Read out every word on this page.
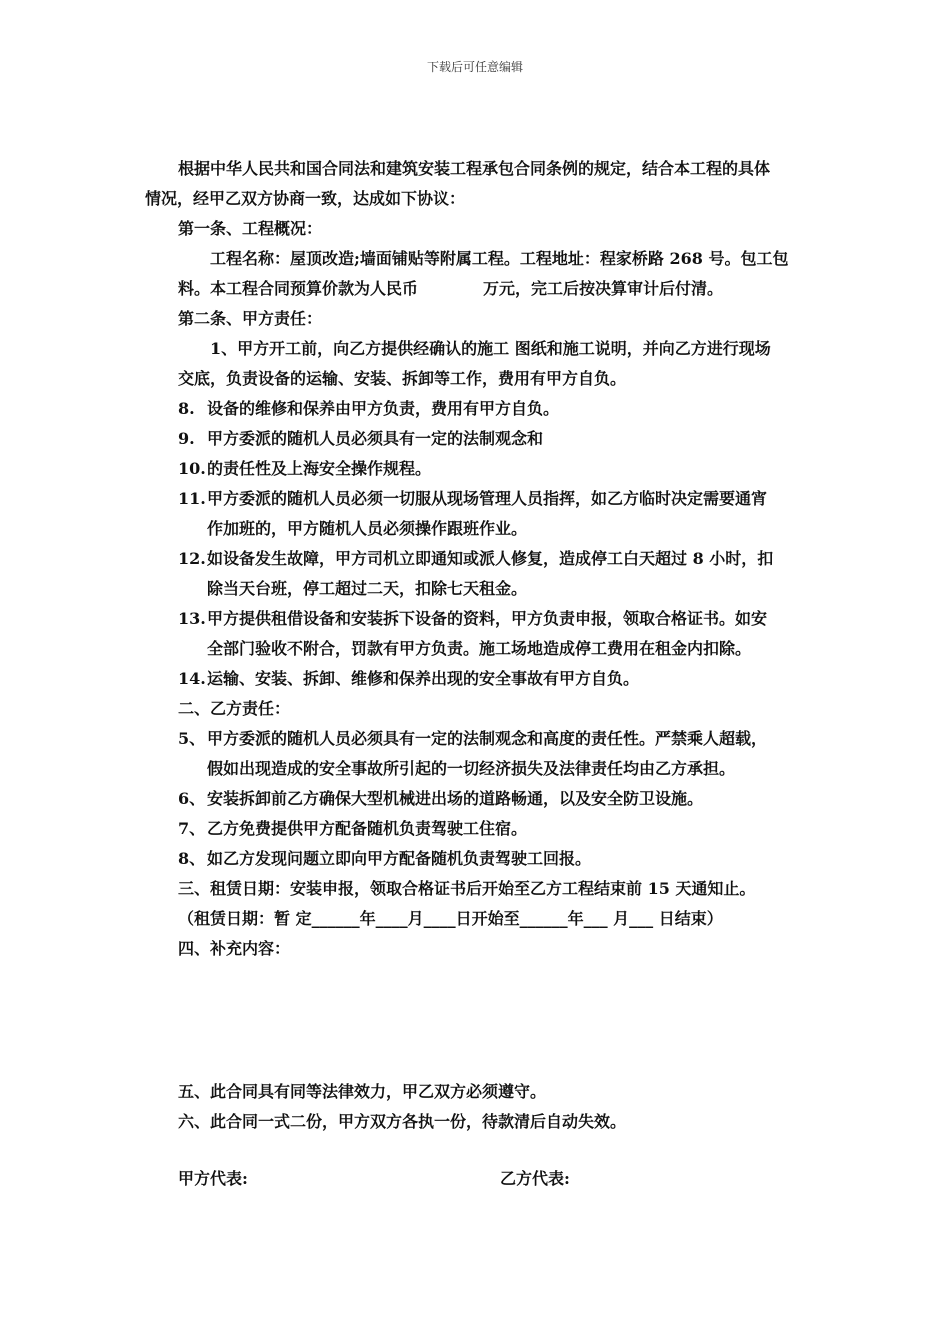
下载后可任意编辑
根据中华人民共和国合同法和建筑安装工程承包合同条例的规定，结合本工程的具体
情况，经甲乙双方协商一致，达成如下协议：
第一条、工程概况：
工程名称：屋顶改造;墙面铺贴等附属工程。工程地址：程家桥路 268 号。包工包
料。本工程合同预算价款为人民币	万元，完工后按决算审计后付清。
第二条、甲方责任：
1、甲方开工前，向乙方提供经确认的施工 图纸和施工说明，并向乙方进行现场
交底，负责设备的运输、安装、拆卸等工作，费用有甲方自负。
8. 设备的维修和保养由甲方负责，费用有甲方自负。
9. 甲方委派的随机人员必须具有一定的法制观念和
10.的责任性及上海安全操作规程。
11.甲方委派的随机人员必须一切服从现场管理人员指挥，如乙方临时决定需要通宵
作加班的，甲方随机人员必须操作跟班作业。
12.如设备发生故障，甲方司机立即通知或派人修复，造成停工白天超过 8 小时，扣
除当天台班，停工超过二天，扣除七天租金。
13.甲方提供租借设备和安装拆下设备的资料，甲方负责申报，领取合格证书。如安
全部门验收不附合，罚款有甲方负责。施工场地造成停工费用在租金内扣除。
14.运输、安装、拆卸、维修和保养出现的安全事故有甲方自负。
二、乙方责任：
5、 甲方委派的随机人员必须具有一定的法制观念和高度的责任性。严禁乘人超载，
假如出现造成的安全事故所引起的一切经济损失及法律责任均由乙方承担。
6、 安装拆卸前乙方确保大型机械进出场的道路畅通，以及安全防卫设施。
7、 乙方免费提供甲方配备随机负责驾驶工住宿。
8、 如乙方发现问题立即向甲方配备随机负责驾驶工回报。
三、租赁日期：安装申报，领取合格证书后开始至乙方工程结束前 15 天通知止。
（租赁日期：暂 定______年____月____日开始至______年___ 月___ 日结束）
四、补充内容：
五、此合同具有同等法律效力，甲乙双方必须遵守。
六、此合同一式二份，甲方双方各执一份，待款清后自动失效。
甲方代表:	乙方代表:
